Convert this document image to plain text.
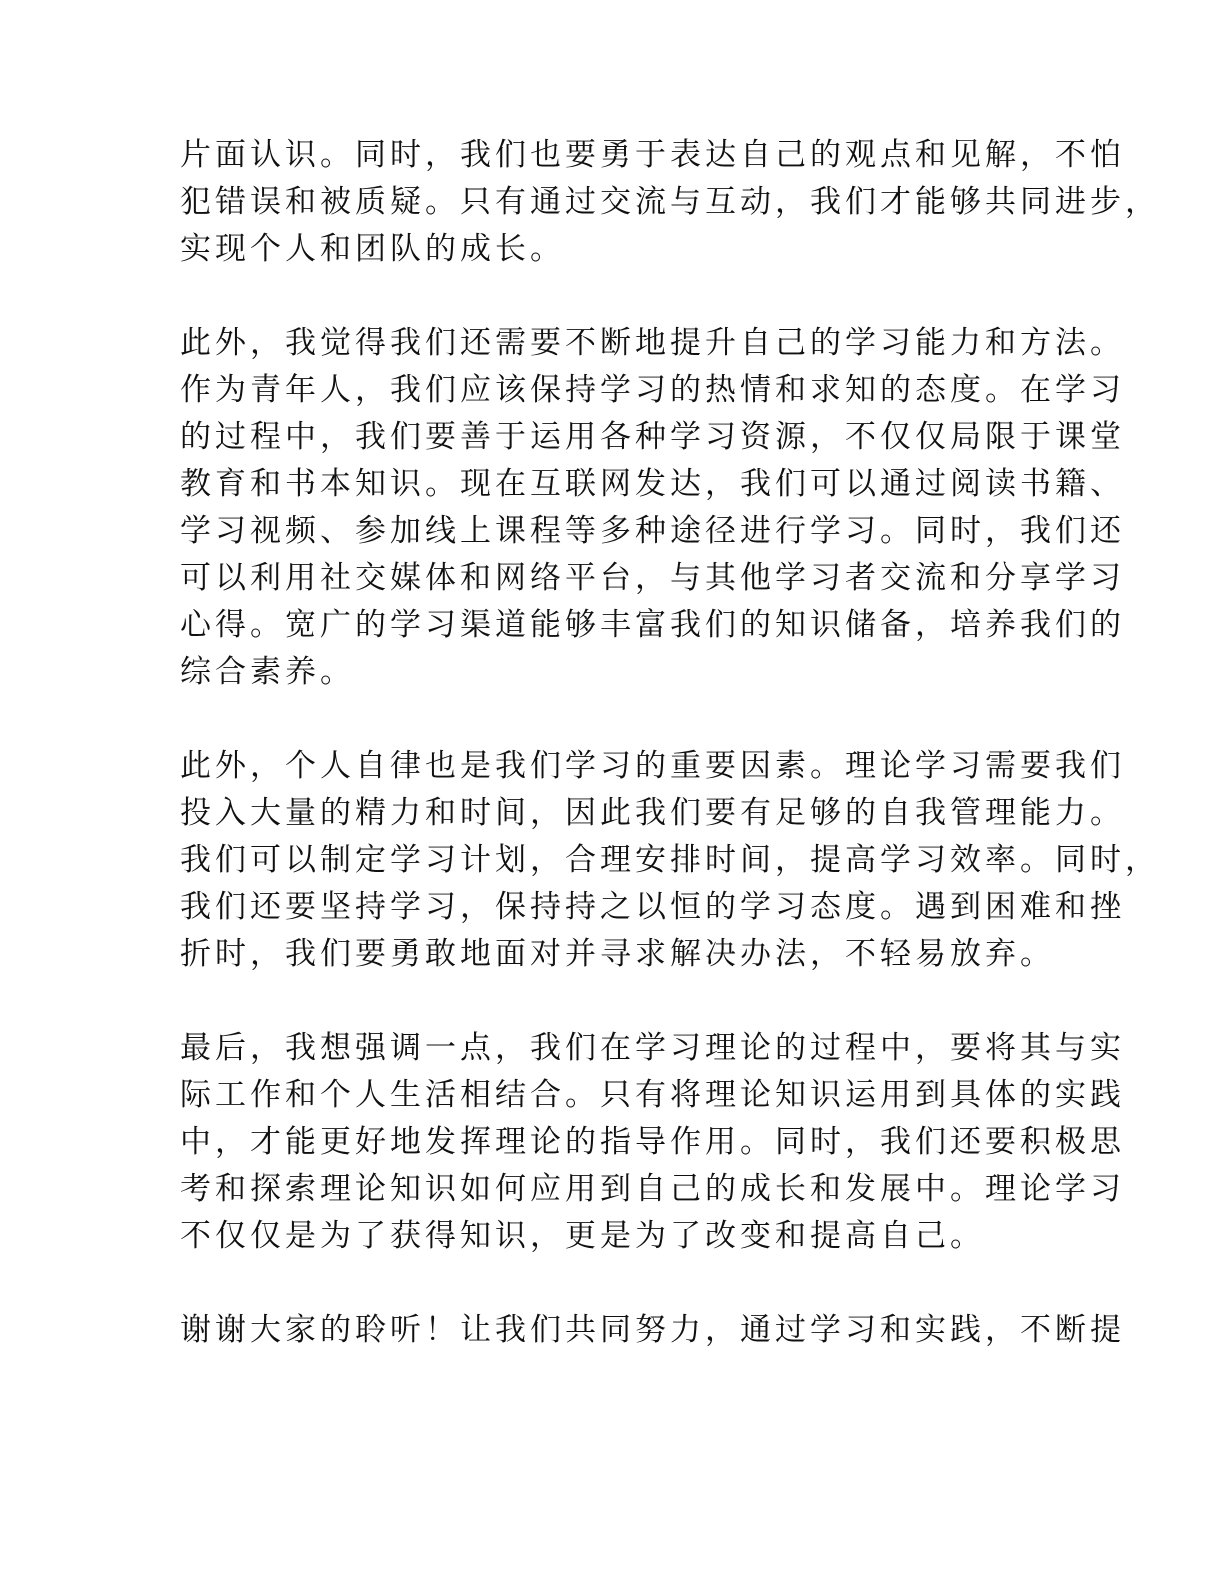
片面认识。同时，我们也要勇于表达自己的观点和见解，不怕
犯错误和被质疑。只有通过交流与互动，我们才能够共同进步，
实现个人和团队的成长。
此外，我觉得我们还需要不断地提升自己的学习能力和方法。
作为青年人，我们应该保持学习的热情和求知的态度。在学习
的过程中，我们要善于运用各种学习资源，不仅仅局限于课堂
教育和书本知识。现在互联网发达，我们可以通过阅读书籍、
学习视频、参加线上课程等多种途径进行学习。同时，我们还
可以利用社交媒体和网络平台，与其他学习者交流和分享学习
心得。宽广的学习渠道能够丰富我们的知识储备，培养我们的
综合素养。
此外，个人自律也是我们学习的重要因素。理论学习需要我们
投入大量的精力和时间，因此我们要有足够的自我管理能力。
我们可以制定学习计划，合理安排时间，提高学习效率。同时，
我们还要坚持学习，保持持之以恒的学习态度。遇到困难和挫
折时，我们要勇敢地面对并寻求解决办法，不轻易放弃。
最后，我想强调一点，我们在学习理论的过程中，要将其与实
际工作和个人生活相结合。只有将理论知识运用到具体的实践
中，才能更好地发挥理论的指导作用。同时，我们还要积极思
考和探索理论知识如何应用到自己的成长和发展中。理论学习
不仅仅是为了获得知识，更是为了改变和提高自己。
谢谢大家的聆听！让我们共同努力，通过学习和实践，不断提
